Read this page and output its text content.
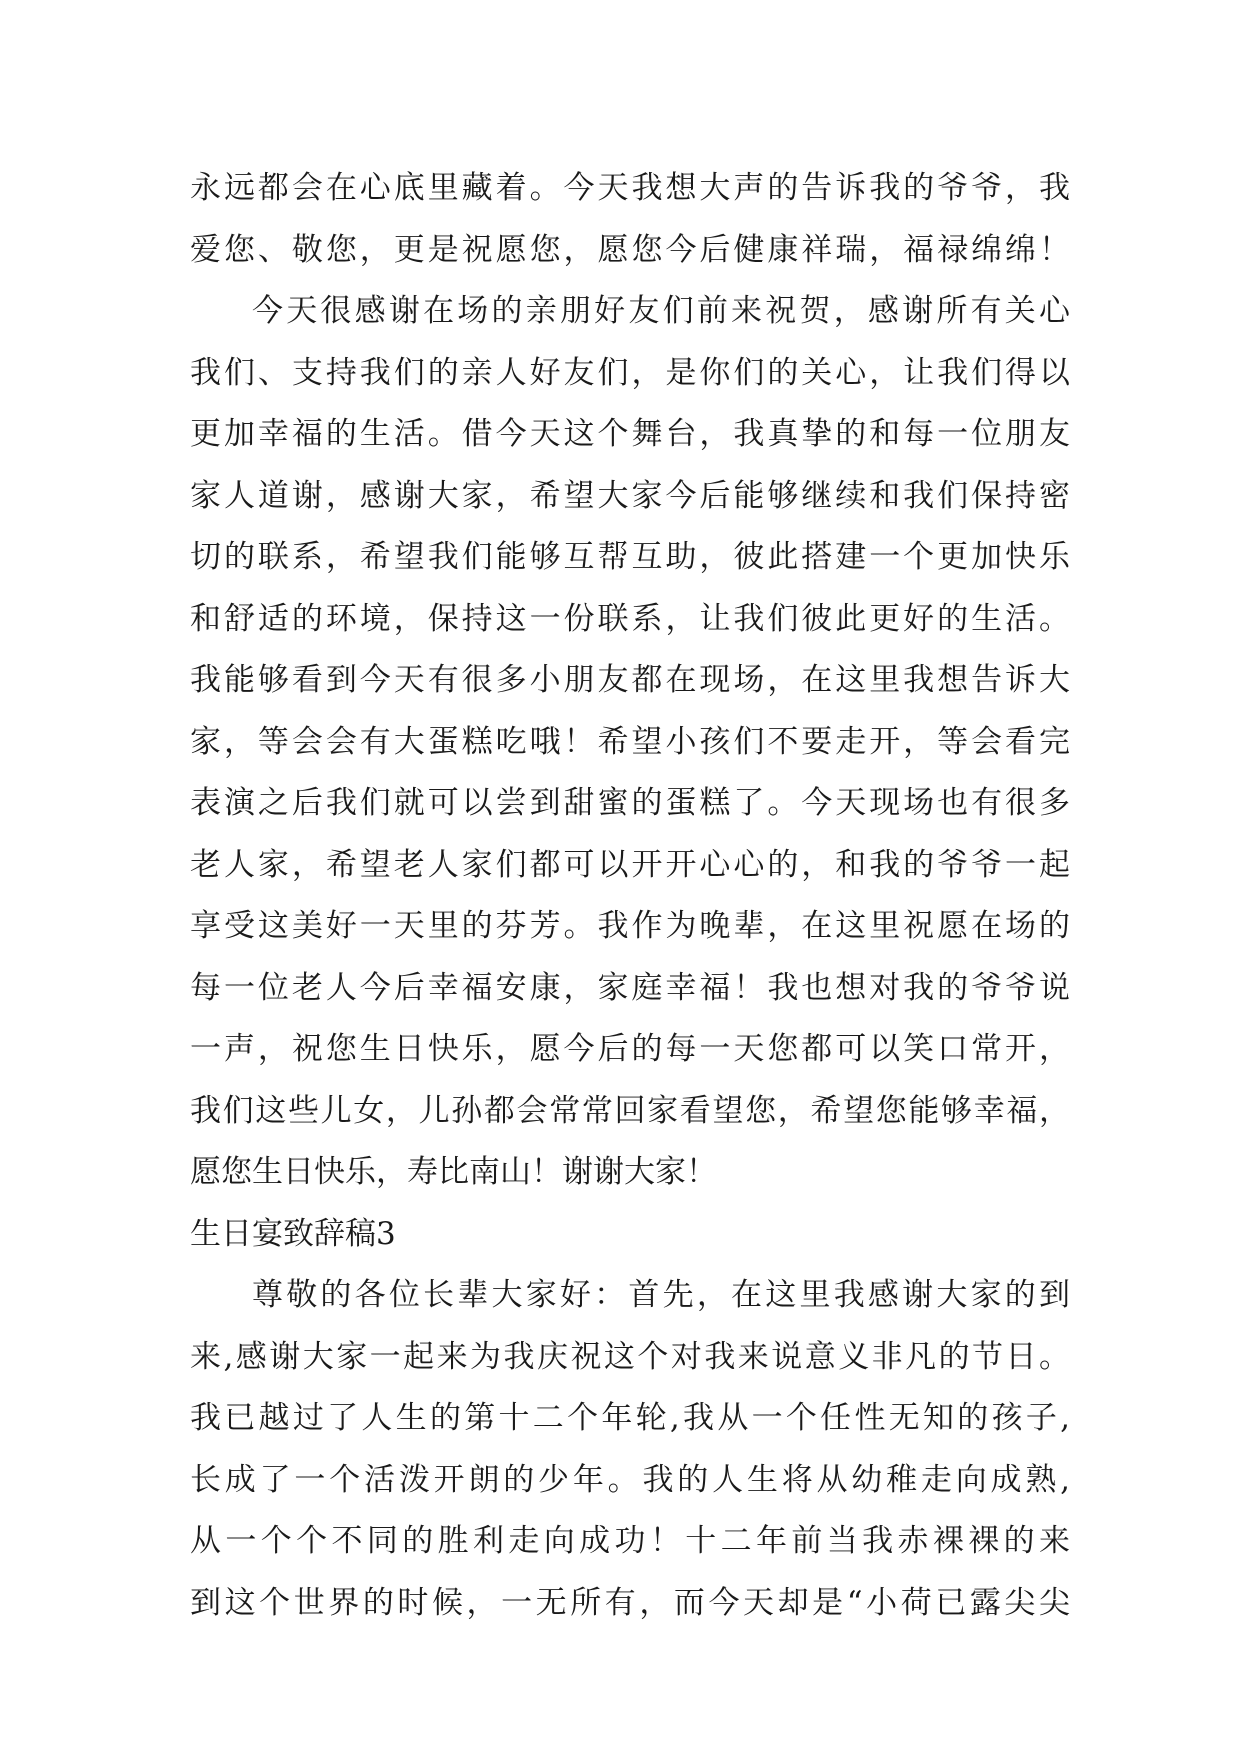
永远都会在心底里藏着。今天我想大声的告诉我的爷爷，我
爱您、敬您，更是祝愿您，愿您今后健康祥瑞，福禄绵绵！
今天很感谢在场的亲朋好友们前来祝贺，感谢所有关心
我们、支持我们的亲人好友们，是你们的关心，让我们得以
更加幸福的生活。借今天这个舞台，我真挚的和每一位朋友
家人道谢，感谢大家，希望大家今后能够继续和我们保持密
切的联系，希望我们能够互帮互助，彼此搭建一个更加快乐
和舒适的环境，保持这一份联系，让我们彼此更好的生活。
我能够看到今天有很多小朋友都在现场，在这里我想告诉大
家，等会会有大蛋糕吃哦！希望小孩们不要走开，等会看完
表演之后我们就可以尝到甜蜜的蛋糕了。今天现场也有很多
老人家，希望老人家们都可以开开心心的，和我的爷爷一起
享受这美好一天里的芬芳。我作为晚辈，在这里祝愿在场的
每一位老人今后幸福安康，家庭幸福！我也想对我的爷爷说
一声，祝您生日快乐，愿今后的每一天您都可以笑口常开，
我们这些儿女，儿孙都会常常回家看望您，希望您能够幸福，
愿您生日快乐，寿比南山！谢谢大家！
生日宴致辞稿3
尊敬的各位长辈大家好：首先，在这里我感谢大家的到
来,感谢大家一起来为我庆祝这个对我来说意义非凡的节日。
我已越过了人生的第十二个年轮,我从一个任性无知的孩子,
长成了一个活泼开朗的少年。我的人生将从幼稚走向成熟,
从一个个不同的胜利走向成功！十二年前当我赤裸裸的来
到这个世界的时候，一无所有，而今天却是“小荷已露尖尖
